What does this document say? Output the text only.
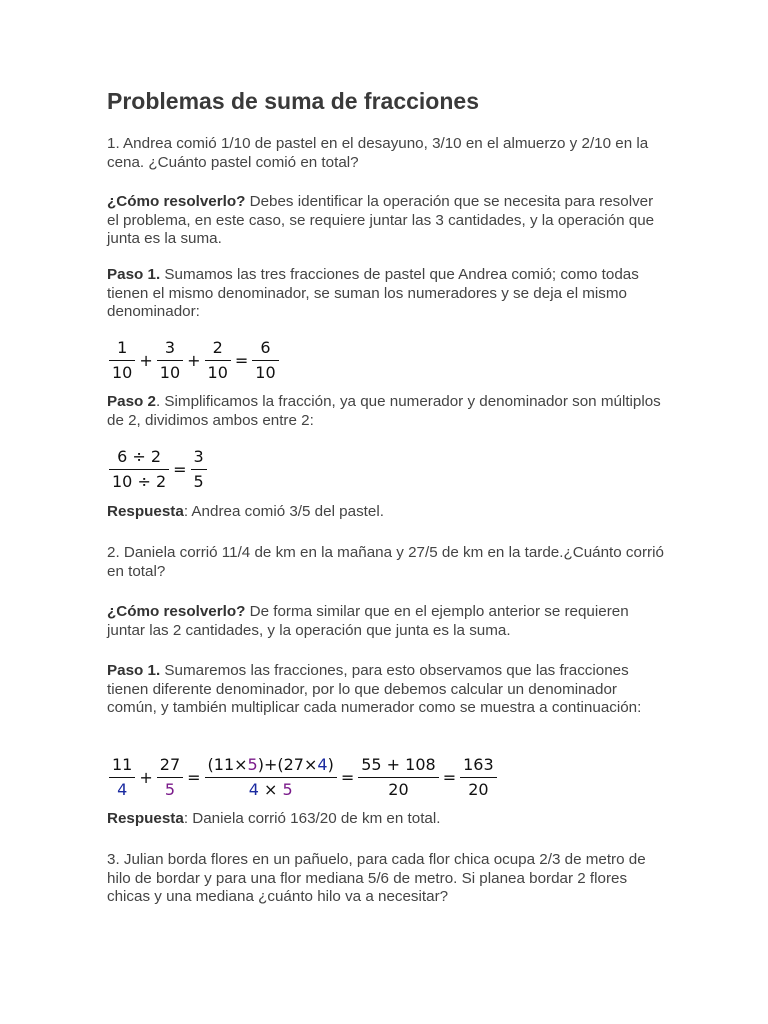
Problemas de suma de fracciones

1. Andrea comió 1/10 de pastel en el desayuno, 3/10 en el almuerzo y 2/10 en la cena. ¿Cuánto pastel comió en total?

¿Cómo resolverlo? Debes identificar la operación que se necesita para resolver el problema, en este caso, se requiere juntar las 3 cantidades, y la operación que junta es la suma.

Paso 1. Sumamos las tres fracciones de pastel que Andrea comió; como todas tienen el mismo denominador, se suman los numeradores y se deja el mismo denominador:

$\frac{1}{10} + \frac{3}{10} + \frac{2}{10} = \frac{6}{10}$

Paso 2. Simplificamos la fracción, ya que numerador y denominador son múltiplos de 2, dividimos ambos entre 2:

$\frac{6 \div 2}{10 \div 2} = \frac{3}{5}$

Respuesta: Andrea comió 3/5 del pastel.

2. Daniela corrió 11/4 de km en la mañana y 27/5 de km en la tarde.¿Cuánto corrió en total?

¿Cómo resolverlo? De forma similar que en el ejemplo anterior se requieren juntar las 2 cantidades, y la operación que junta es la suma.

Paso 1. Sumaremos las fracciones, para esto observamos que las fracciones tienen diferente denominador, por lo que debemos calcular un denominador común, y también multiplicar cada numerador como se muestra a continuación:

$\frac{11}{4} + \frac{27}{5} = \frac{(11\times 5)+(27\times 4)}{4 \times 5} = \frac{55 + 108}{20} = \frac{163}{20}$

Respuesta: Daniela corrió 163/20 de km en total.

3. Julian borda flores en un pañuelo, para cada flor chica ocupa 2/3 de metro de hilo de bordar y para una flor mediana 5/6 de metro. Si planea bordar 2 flores chicas y una mediana ¿cuánto hilo va a necesitar?
